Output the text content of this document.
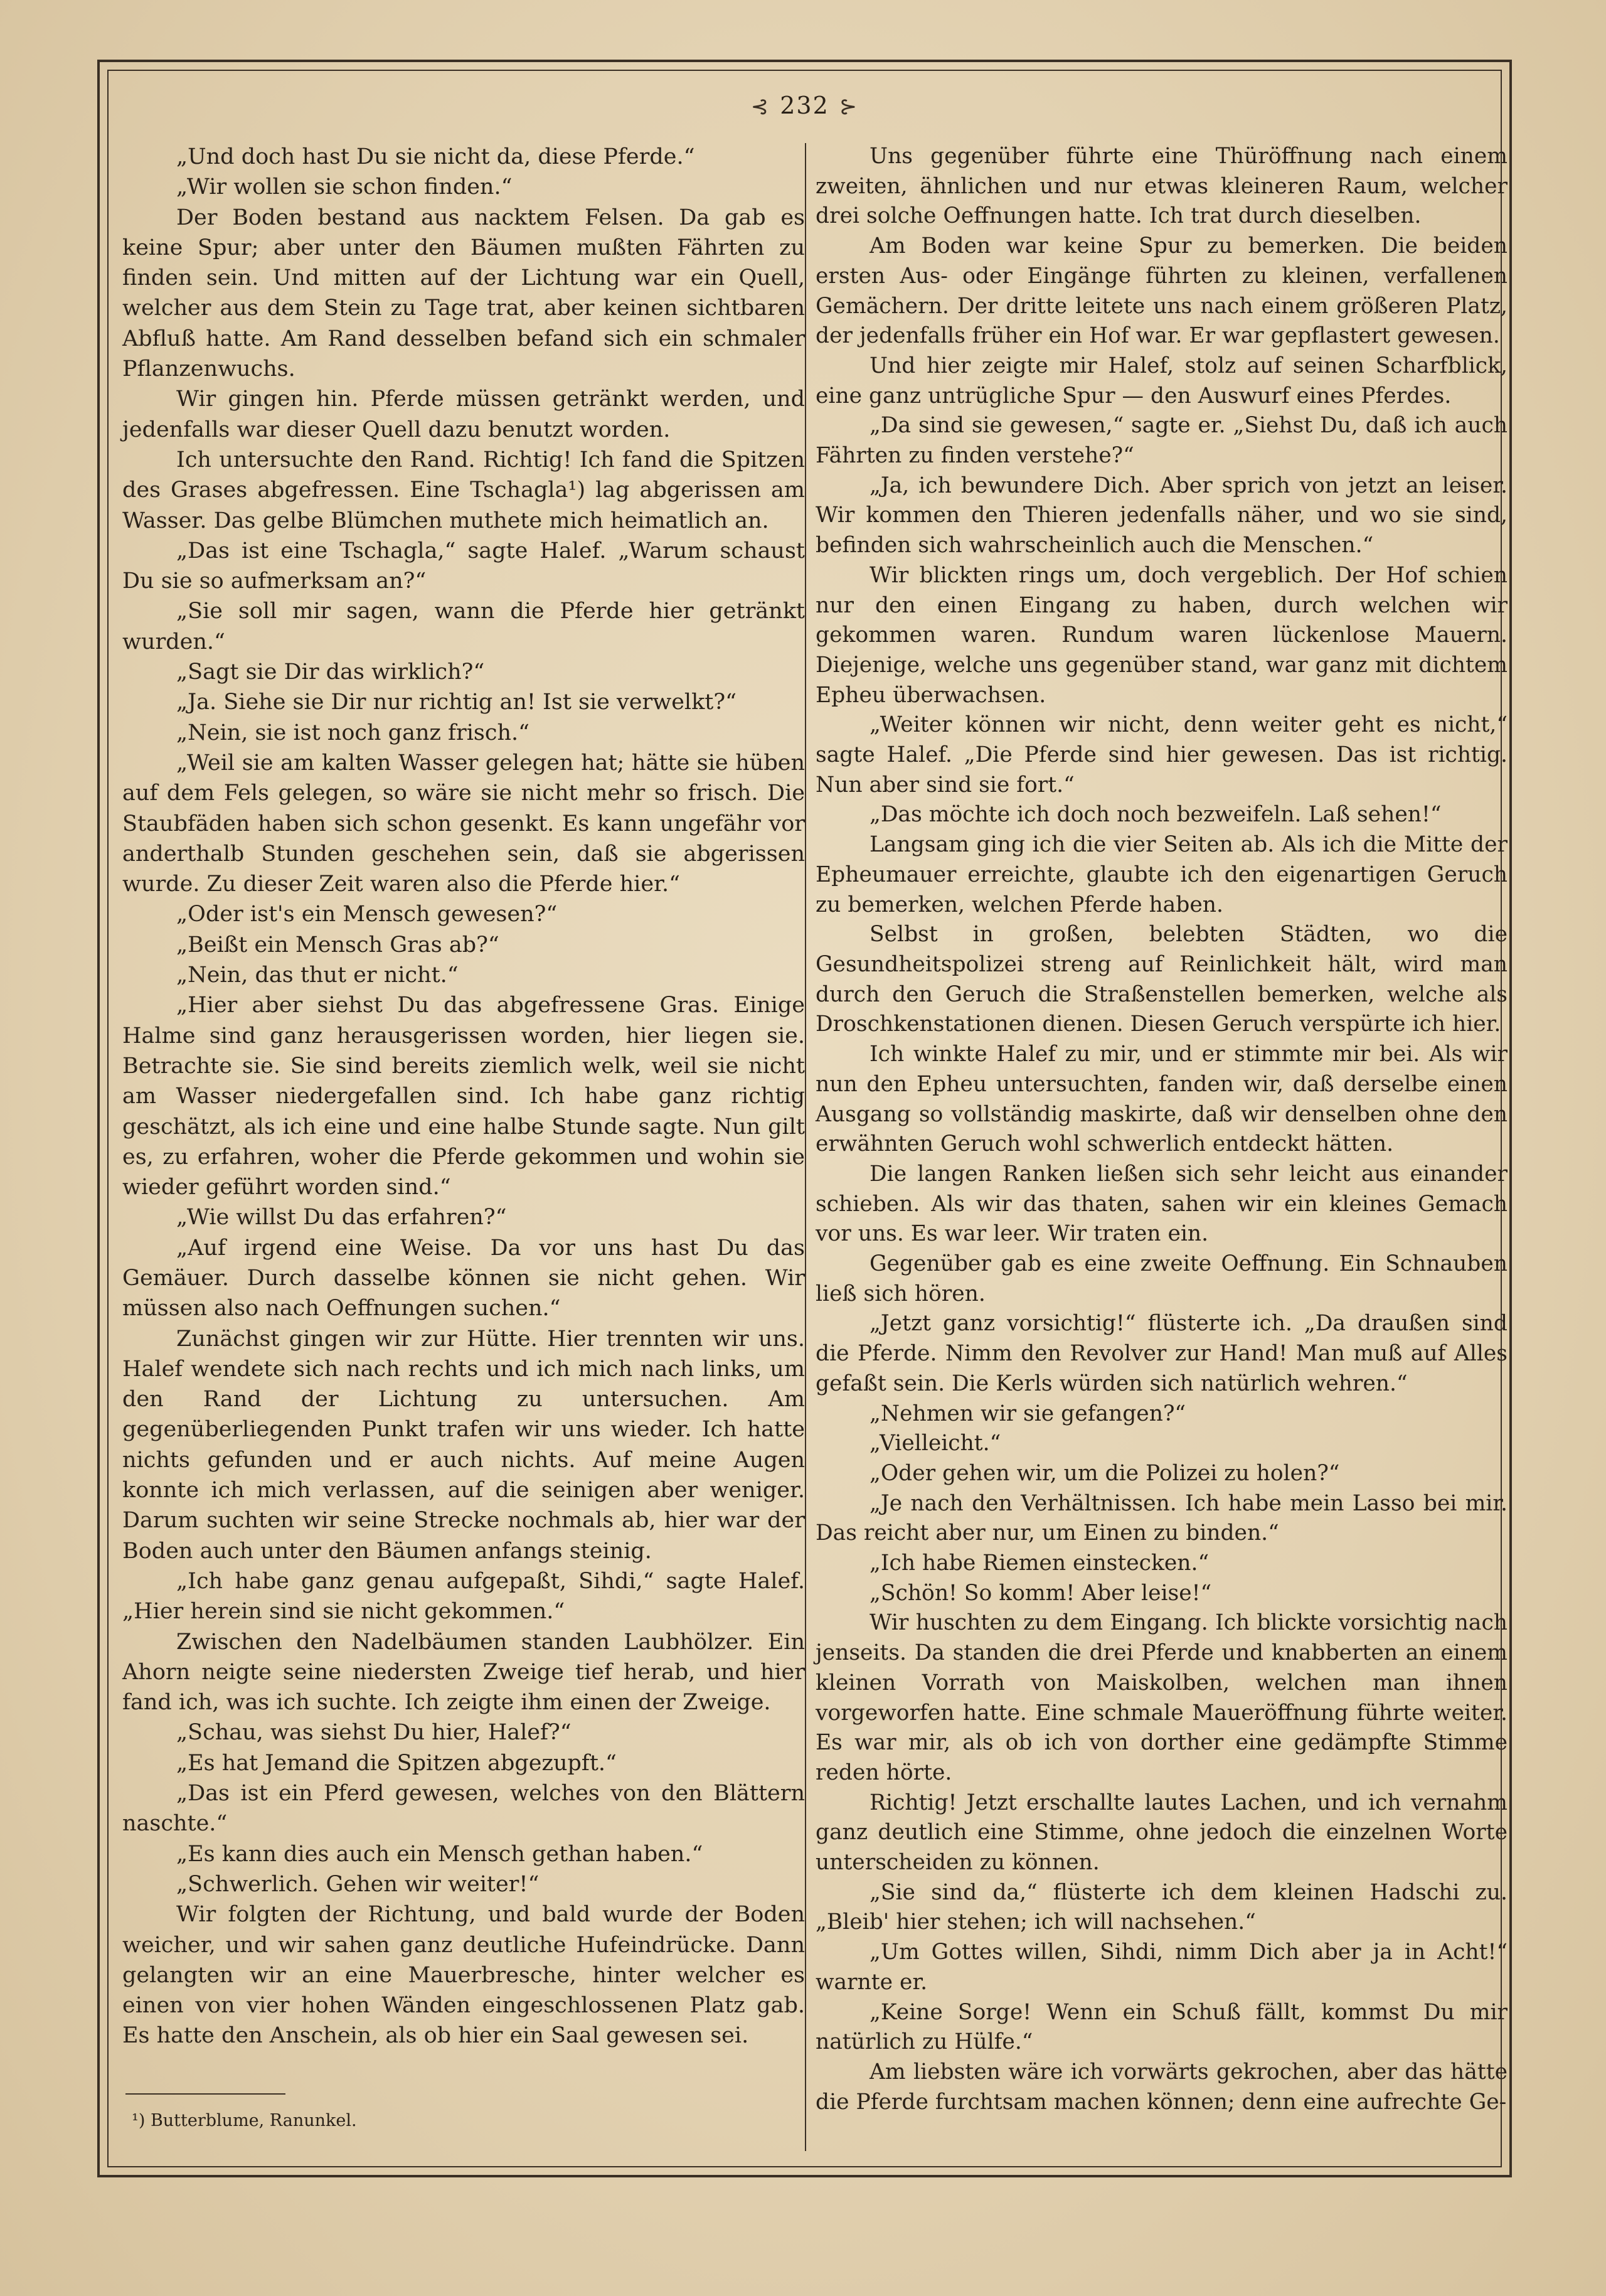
⊰ 232 ⊱

„Und doch hast Du sie nicht da, diese Pferde.“

„Wir wollen sie schon finden.“

Der Boden bestand aus nacktem Felsen. Da gab es keine Spur; aber unter den Bäumen mußten Fährten zu finden sein. Und mitten auf der Lichtung war ein Quell, welcher aus dem Stein zu Tage trat, aber keinen sichtbaren Abfluß hatte. Am Rand desselben befand sich ein schmaler Pflanzenwuchs.

Wir gingen hin. Pferde müssen getränkt werden, und jedenfalls war dieser Quell dazu benutzt worden.

Ich untersuchte den Rand. Richtig! Ich fand die Spitzen des Grases abgefressen. Eine Tschagla¹) lag abgerissen am Wasser. Das gelbe Blümchen muthete mich heimatlich an.

„Das ist eine Tschagla,“ sagte Halef. „Warum schaust Du sie so aufmerksam an?“

„Sie soll mir sagen, wann die Pferde hier getränkt wurden.“

„Sagt sie Dir das wirklich?“

„Ja. Siehe sie Dir nur richtig an! Ist sie verwelkt?“

„Nein, sie ist noch ganz frisch.“

„Weil sie am kalten Wasser gelegen hat; hätte sie hüben auf dem Fels gelegen, so wäre sie nicht mehr so frisch. Die Staubfäden haben sich schon gesenkt. Es kann ungefähr vor anderthalb Stunden geschehen sein, daß sie abgerissen wurde. Zu dieser Zeit waren also die Pferde hier.“

„Oder ist's ein Mensch gewesen?“

„Beißt ein Mensch Gras ab?“

„Nein, das thut er nicht.“

„Hier aber siehst Du das abgefressene Gras. Einige Halme sind ganz herausgerissen worden, hier liegen sie. Betrachte sie. Sie sind bereits ziemlich welk, weil sie nicht am Wasser niedergefallen sind. Ich habe ganz richtig geschätzt, als ich eine und eine halbe Stunde sagte. Nun gilt es, zu erfahren, woher die Pferde gekommen und wohin sie wieder geführt worden sind.“

„Wie willst Du das erfahren?“

„Auf irgend eine Weise. Da vor uns hast Du das Gemäuer. Durch dasselbe können sie nicht gehen. Wir müssen also nach Oeffnungen suchen.“

Zunächst gingen wir zur Hütte. Hier trennten wir uns. Halef wendete sich nach rechts und ich mich nach links, um den Rand der Lichtung zu untersuchen. Am gegenüberliegenden Punkt trafen wir uns wieder. Ich hatte nichts gefunden und er auch nichts. Auf meine Augen konnte ich mich verlassen, auf die seinigen aber weniger. Darum suchten wir seine Strecke nochmals ab, hier war der Boden auch unter den Bäumen anfangs steinig.

„Ich habe ganz genau aufgepaßt, Sihdi,“ sagte Halef. „Hier herein sind sie nicht gekommen.“

Zwischen den Nadelbäumen standen Laubhölzer. Ein Ahorn neigte seine niedersten Zweige tief herab, und hier fand ich, was ich suchte. Ich zeigte ihm einen der Zweige.

„Schau, was siehst Du hier, Halef?“

„Es hat Jemand die Spitzen abgezupft.“

„Das ist ein Pferd gewesen, welches von den Blättern naschte.“

„Es kann dies auch ein Mensch gethan haben.“

„Schwerlich. Gehen wir weiter!“

Wir folgten der Richtung, und bald wurde der Boden weicher, und wir sahen ganz deutliche Hufeindrücke. Dann gelangten wir an eine Mauerbresche, hinter welcher es einen von vier hohen Wänden eingeschlossenen Platz gab. Es hatte den Anschein, als ob hier ein Saal gewesen sei.

Uns gegenüber führte eine Thüröffnung nach einem zweiten, ähnlichen und nur etwas kleineren Raum, welcher drei solche Oeffnungen hatte. Ich trat durch dieselben.

Am Boden war keine Spur zu bemerken. Die beiden ersten Aus- oder Eingänge führten zu kleinen, verfallenen Gemächern. Der dritte leitete uns nach einem größeren Platz, der jedenfalls früher ein Hof war. Er war gepflastert gewesen.

Und hier zeigte mir Halef, stolz auf seinen Scharfblick, eine ganz untrügliche Spur — den Auswurf eines Pferdes.

„Da sind sie gewesen,“ sagte er. „Siehst Du, daß ich auch Fährten zu finden verstehe?“

„Ja, ich bewundere Dich. Aber sprich von jetzt an leiser. Wir kommen den Thieren jedenfalls näher, und wo sie sind, befinden sich wahrscheinlich auch die Menschen.“

Wir blickten rings um, doch vergeblich. Der Hof schien nur den einen Eingang zu haben, durch welchen wir gekommen waren. Rundum waren lückenlose Mauern. Diejenige, welche uns gegenüber stand, war ganz mit dichtem Epheu überwachsen.

„Weiter können wir nicht, denn weiter geht es nicht,“ sagte Halef. „Die Pferde sind hier gewesen. Das ist richtig. Nun aber sind sie fort.“

„Das möchte ich doch noch bezweifeln. Laß sehen!“

Langsam ging ich die vier Seiten ab. Als ich die Mitte der Epheumauer erreichte, glaubte ich den eigenartigen Geruch zu bemerken, welchen Pferde haben.

Selbst in großen, belebten Städten, wo die Gesundheitspolizei streng auf Reinlichkeit hält, wird man durch den Geruch die Straßenstellen bemerken, welche als Droschkenstationen dienen. Diesen Geruch verspürte ich hier.

Ich winkte Halef zu mir, und er stimmte mir bei. Als wir nun den Epheu untersuchten, fanden wir, daß derselbe einen Ausgang so vollständig maskirte, daß wir denselben ohne den erwähnten Geruch wohl schwerlich entdeckt hätten.

Die langen Ranken ließen sich sehr leicht aus einander schieben. Als wir das thaten, sahen wir ein kleines Gemach vor uns. Es war leer. Wir traten ein.

Gegenüber gab es eine zweite Oeffnung. Ein Schnauben ließ sich hören.

„Jetzt ganz vorsichtig!“ flüsterte ich. „Da draußen sind die Pferde. Nimm den Revolver zur Hand! Man muß auf Alles gefaßt sein. Die Kerls würden sich natürlich wehren.“

„Nehmen wir sie gefangen?“

„Vielleicht.“

„Oder gehen wir, um die Polizei zu holen?“

„Je nach den Verhältnissen. Ich habe mein Lasso bei mir. Das reicht aber nur, um Einen zu binden.“

„Ich habe Riemen einstecken.“

„Schön! So komm! Aber leise!“

Wir huschten zu dem Eingang. Ich blickte vorsichtig nach jenseits. Da standen die drei Pferde und knabberten an einem kleinen Vorrath von Maiskolben, welchen man ihnen vorgeworfen hatte. Eine schmale Maueröffnung führte weiter. Es war mir, als ob ich von dorther eine gedämpfte Stimme reden hörte.

Richtig! Jetzt erschallte lautes Lachen, und ich vernahm ganz deutlich eine Stimme, ohne jedoch die einzelnen Worte unterscheiden zu können.

„Sie sind da,“ flüsterte ich dem kleinen Hadschi zu. „Bleib' hier stehen; ich will nachsehen.“

„Um Gottes willen, Sihdi, nimm Dich aber ja in Acht!“ warnte er.

„Keine Sorge! Wenn ein Schuß fällt, kommst Du mir natürlich zu Hülfe.“

Am liebsten wäre ich vorwärts gekrochen, aber das hätte die Pferde furchtsam machen können; denn eine aufrechte Ge-

¹) Butterblume, Ranunkel.
